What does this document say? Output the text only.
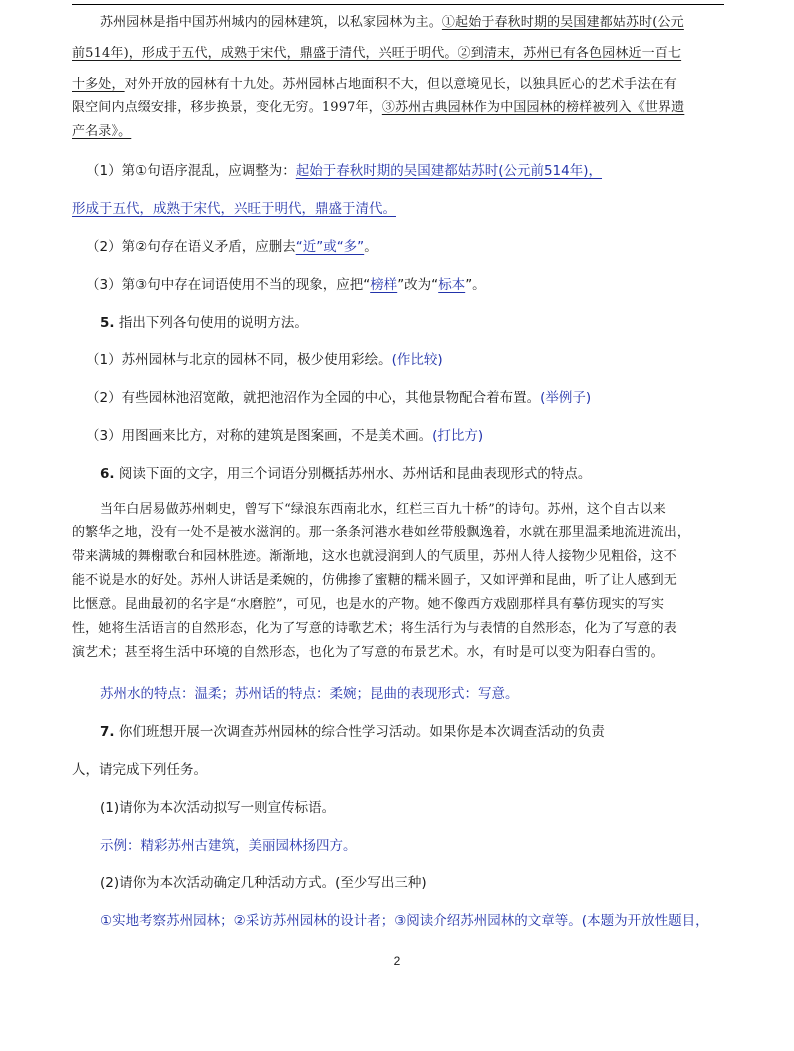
苏州园林是指中国苏州城内的园林建筑，以私家园林为主。①起始于春秋时期的吴国建都姑苏时(公元
前514年)，形成于五代，成熟于宋代，鼎盛于清代，兴旺于明代。②到清末，苏州已有各色园林近一百七
十多处，对外开放的园林有十九处。苏州园林占地面积不大，但以意境见长，以独具匠心的艺术手法在有
限空间内点缀安排，移步换景，变化无穷。1997年，③苏州古典园林作为中国园林的榜样被列入《世界遗
产名录》。
（1）第①句语序混乱，应调整为：起始于春秋时期的吴国建都姑苏时(公元前514年)，
形成于五代，成熟于宋代，兴旺于明代，鼎盛于清代。
（2）第②句存在语义矛盾，应删去“近”或“多”。
（3）第③句中存在词语使用不当的现象，应把“榜样”改为“标本”。
5. 指出下列各句使用的说明方法。
（1）苏州园林与北京的园林不同，极少使用彩绘。(作比较)
（2）有些园林池沼宽敞，就把池沼作为全园的中心，其他景物配合着布置。(举例子)
（3）用图画来比方，对称的建筑是图案画，不是美术画。(打比方)
6. 阅读下面的文字，用三个词语分别概括苏州水、苏州话和昆曲表现形式的特点。
当年白居易做苏州刺史，曾写下“绿浪东西南北水，红栏三百九十桥”的诗句。苏州，这个自古以来
的繁华之地，没有一处不是被水滋润的。那一条条河港水巷如丝带般飘逸着，水就在那里温柔地流进流出，
带来满城的舞榭歌台和园林胜迹。渐渐地，这水也就浸润到人的气质里，苏州人待人接物少见粗俗，这不
能不说是水的好处。苏州人讲话是柔婉的，仿佛掺了蜜糖的糯米圆子，又如评弹和昆曲，听了让人感到无
比惬意。昆曲最初的名字是“水磨腔”，可见，也是水的产物。她不像西方戏剧那样具有摹仿现实的写实
性，她将生活语言的自然形态，化为了写意的诗歌艺术；将生活行为与表情的自然形态，化为了写意的表
演艺术；甚至将生活中环境的自然形态，也化为了写意的布景艺术。水，有时是可以变为阳春白雪的。
苏州水的特点：温柔；苏州话的特点：柔婉；昆曲的表现形式：写意。
7. 你们班想开展一次调查苏州园林的综合性学习活动。如果你是本次调查活动的负责
人，请完成下列任务。
(1)请你为本次活动拟写一则宣传标语。
示例：精彩苏州古建筑，美丽园林扬四方。
(2)请你为本次活动确定几种活动方式。(至少写出三种)
①实地考察苏州园林；②采访苏州园林的设计者；③阅读介绍苏州园林的文章等。(本题为开放性题目，
2
